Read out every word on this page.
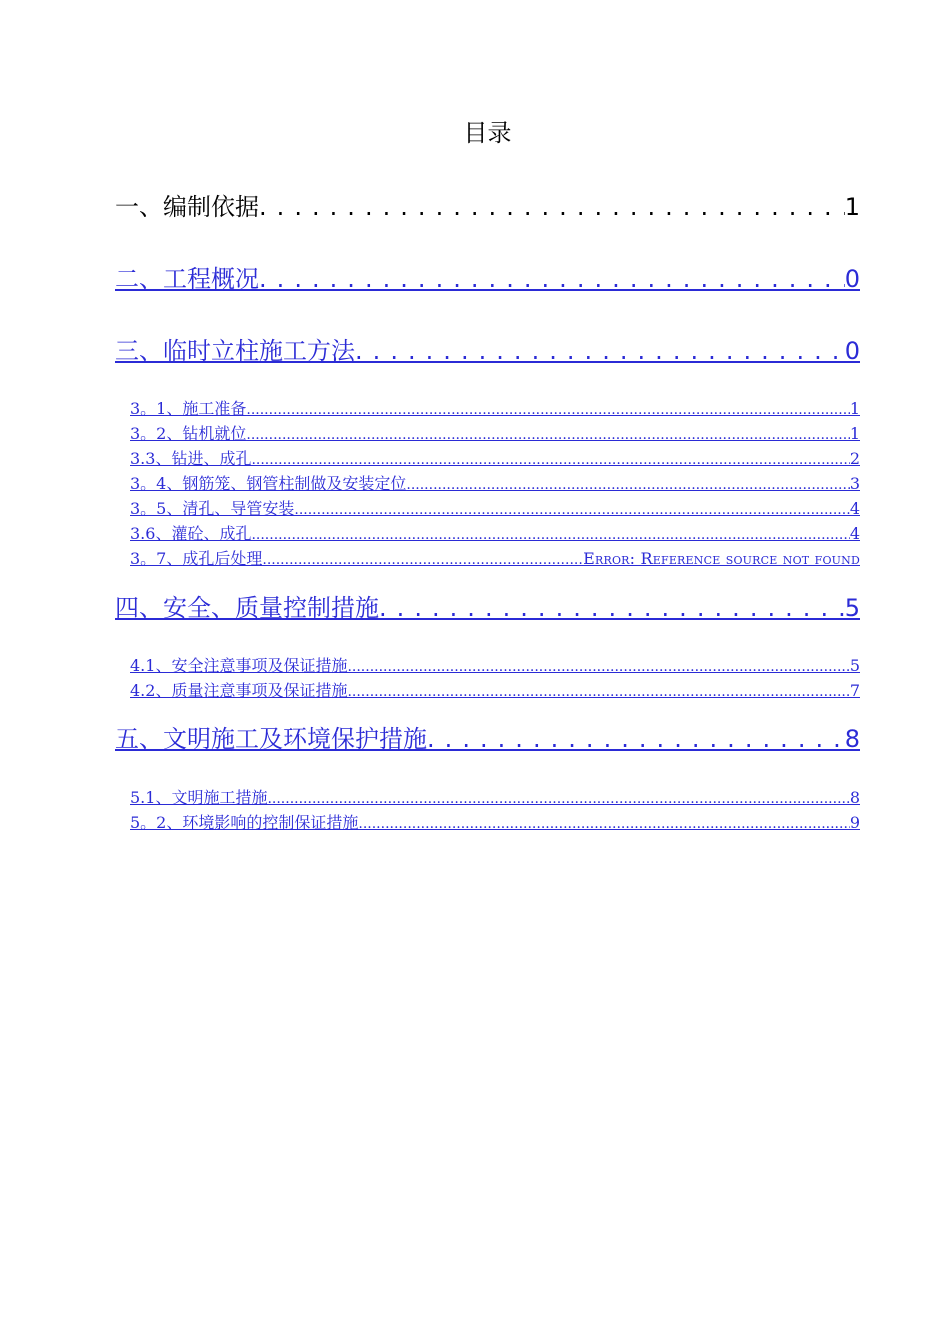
目录
一、编制依据 . . .	1
二、工程概况 . . .	0
三、临时立柱施工方法 . . .	0
3。1、施工准备 .....	1
3。2、钻机就位 .....	1
3.3、钻进、成孔 .....	2
3。4、钢筋笼、钢管柱制做及安装定位 .....	3
3。5、清孔、导管安装 .....	4
3.6、灌砼、成孔 .....	4
3。7、成孔后处理 .....	Error: Reference source not found
四、安全、质量控制措施 . . .	5
4.1、安全注意事项及保证措施 .....	5
4.2、质量注意事项及保证措施 .....	7
五、文明施工及环境保护措施 . . .	8
5.1、文明施工措施 .....	8
5。2、环境影响的控制保证措施 .....	9
